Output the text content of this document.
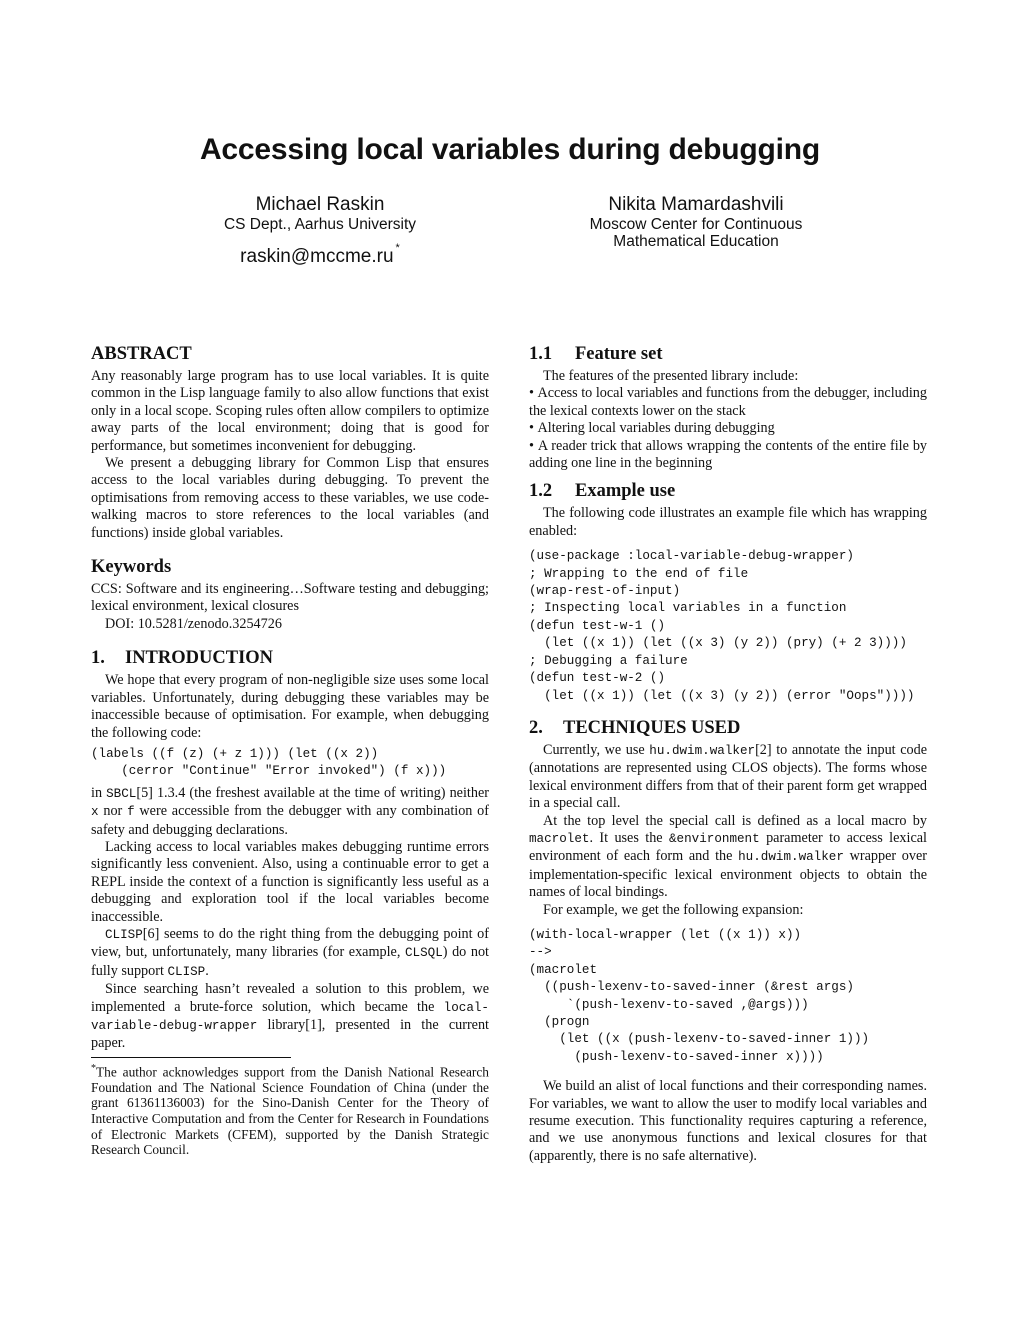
Accessing local variables during debugging
Michael Raskin
CS Dept., Aarhus University
raskin@mccme.ru *
Nikita Mamardashvili
Moscow Center for Continuous
Mathematical Education
ABSTRACT

Any reasonably large program has to use local variables. It is quite common in the Lisp language family to also allow functions that exist only in a local scope. Scoping rules often allow compilers to optimize away parts of the local environment; doing that is good for performance, but sometimes inconvenient for debugging.

We present a debugging library for Common Lisp that ensures access to the local variables during debugging. To prevent the optimisations from removing access to these variables, we use code-walking macros to store references to the local variables (and functions) inside global variables.

Keywords

CCS: Software and its engineering…Software testing and debugging; lexical environment, lexical closures

DOI: 10.5281/zenodo.3254726

1. INTRODUCTION

We hope that every program of non-negligible size uses some local variables. Unfortunately, during debugging these variables may be inaccessible because of optimisation. For example, when debugging the following code:

(labels ((f (z) (+ z 1))) (let ((x 2))
(cerror "Continue" "Error invoked") (f x)))

in SBCL[5] 1.3.4 (the freshest available at the time of writing) neither x nor f were accessible from the debugger with any combination of safety and debugging declarations.

Lacking access to local variables makes debugging runtime errors significantly less convenient. Also, using a continuable error to get a REPL inside the context of a function is significantly less useful as a debugging and exploration tool if the local variables become inaccessible.

CLISP[6] seems to do the right thing from the debugging point of view, but, unfortunately, many libraries (for example, CLSQL) do not fully support CLISP.

Since searching hasn’t revealed a solution to this problem, we implemented a brute-force solution, which became the local-variable-debug-wrapper library[1], presented in the current paper.

*The author acknowledges support from the Danish National Research Foundation and The National Science Foundation of China (under the grant 61361136003) for the Sino-Danish Center for the Theory of Interactive Computation and from the Center for Research in Foundations of Electronic Markets (CFEM), supported by the Danish Strategic Research Council.

1.1 Feature set

The features of the presented library include:

• Access to local variables and functions from the debugger, including the lexical contexts lower on the stack

• Altering local variables during debugging

• A reader trick that allows wrapping the contents of the entire file by adding one line in the beginning

1.2 Example use

The following code illustrates an example file which has wrapping enabled:

(use-package :local-variable-debug-wrapper)
; Wrapping to the end of file
(wrap-rest-of-input)
; Inspecting local variables in a function
(defun test-w-1 ()
(let ((x 1)) (let ((x 3) (y 2)) (pry) (+ 2 3))))
; Debugging a failure
(defun test-w-2 ()
(let ((x 1)) (let ((x 3) (y 2)) (error "Oops"))))
2. TECHNIQUES USED

Currently, we use hu.dwim.walker[2] to annotate the input code (annotations are represented using CLOS objects). The forms whose lexical environment differs from that of their parent form get wrapped in a special call.

At the top level the special call is defined as a local macro by macrolet. It uses the &environment parameter to access lexical environment of each form and the hu.dwim.walker wrapper over implementation-specific lexical environment objects to obtain the names of local bindings.

For example, we get the following expansion:

(with-local-wrapper (let ((x 1)) x))
-->
(macrolet
((push-lexenv-to-saved-inner (&rest args)
`(push-lexenv-to-saved ,@args)))
(progn
(let ((x (push-lexenv-to-saved-inner 1)))
(push-lexenv-to-saved-inner x))))

We build an alist of local functions and their corresponding names. For variables, we want to allow the user to modify local variables and resume execution. This functionality requires capturing a reference, and we use anonymous functions and lexical closures for that (apparently, there is no safe alternative).
